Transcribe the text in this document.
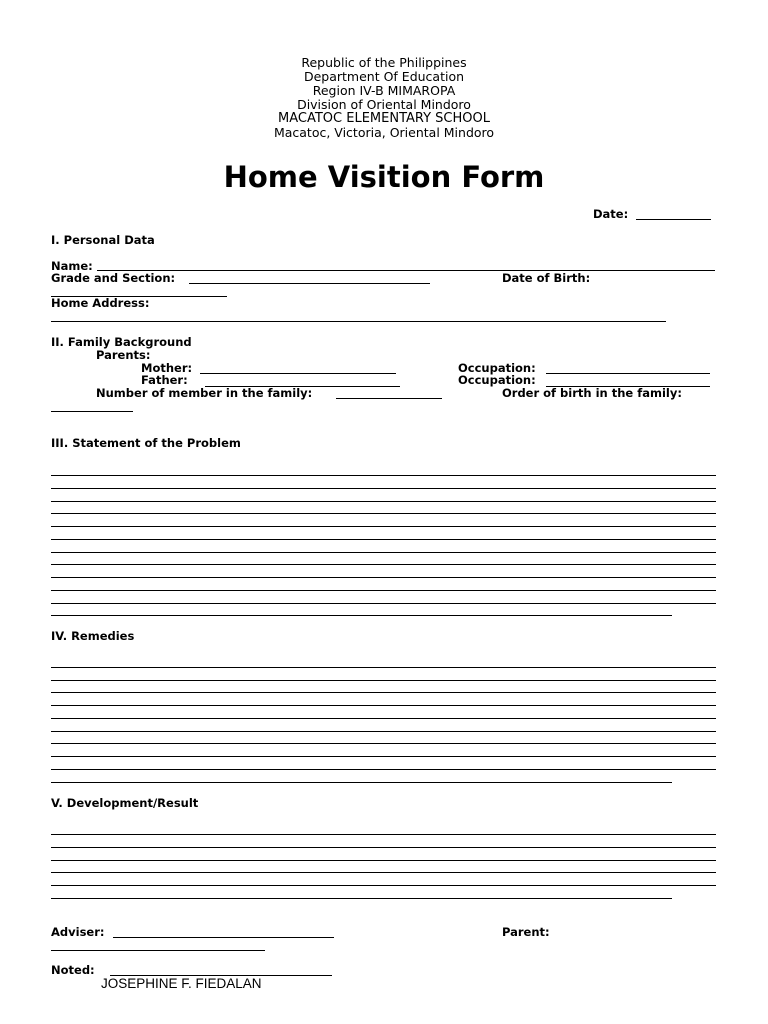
Republic of the Philippines
Department Of Education
Region IV-B MIMAROPA
Division of Oriental Mindoro
MACATOC ELEMENTARY SCHOOL
Macatoc, Victoria, Oriental Mindoro
Home Visition Form
Date:
I. Personal Data
Name:
Grade and Section:	Date of Birth:
Home Address:
II. Family Background
Parents:
Mother:	Occupation:
Father:	Occupation:
Number of member in the family:	Order of birth in the family:
III. Statement of the Problem
IV. Remedies
V. Development/Result
Adviser:	Parent:
Noted:
JOSEPHINE F. FIEDALAN
